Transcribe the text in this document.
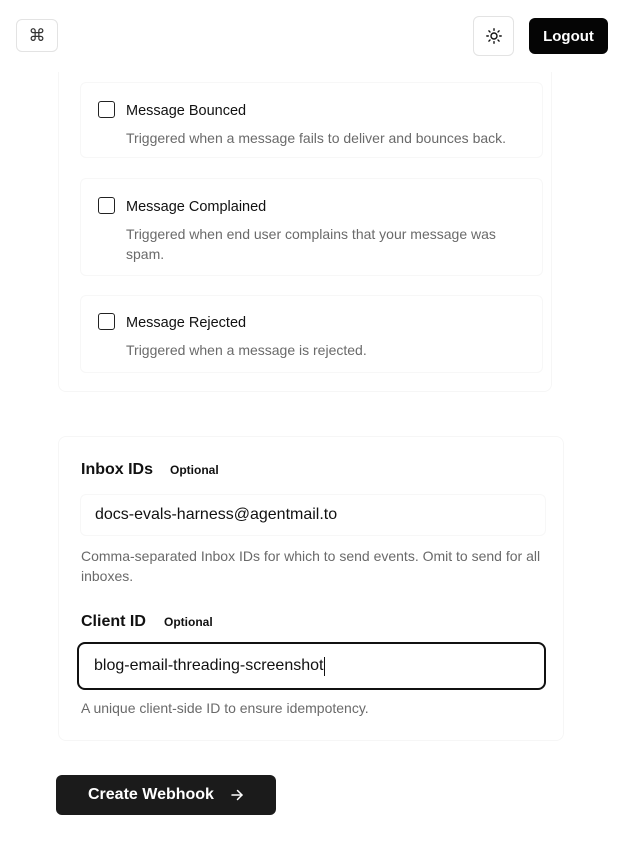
⌘	Logout
Message Bounced
Triggered when a message fails to deliver and bounces back.
Message Complained
Triggered when end user complains that your message was spam.
Message Rejected
Triggered when a message is rejected.
Inbox IDs Optional
docs-evals-harness@agentmail.to
Comma-separated Inbox IDs for which to send events. Omit to send for all inboxes.
Client ID Optional
blog-email-threading-screenshot
A unique client-side ID to ensure idempotency.
Create Webhook
